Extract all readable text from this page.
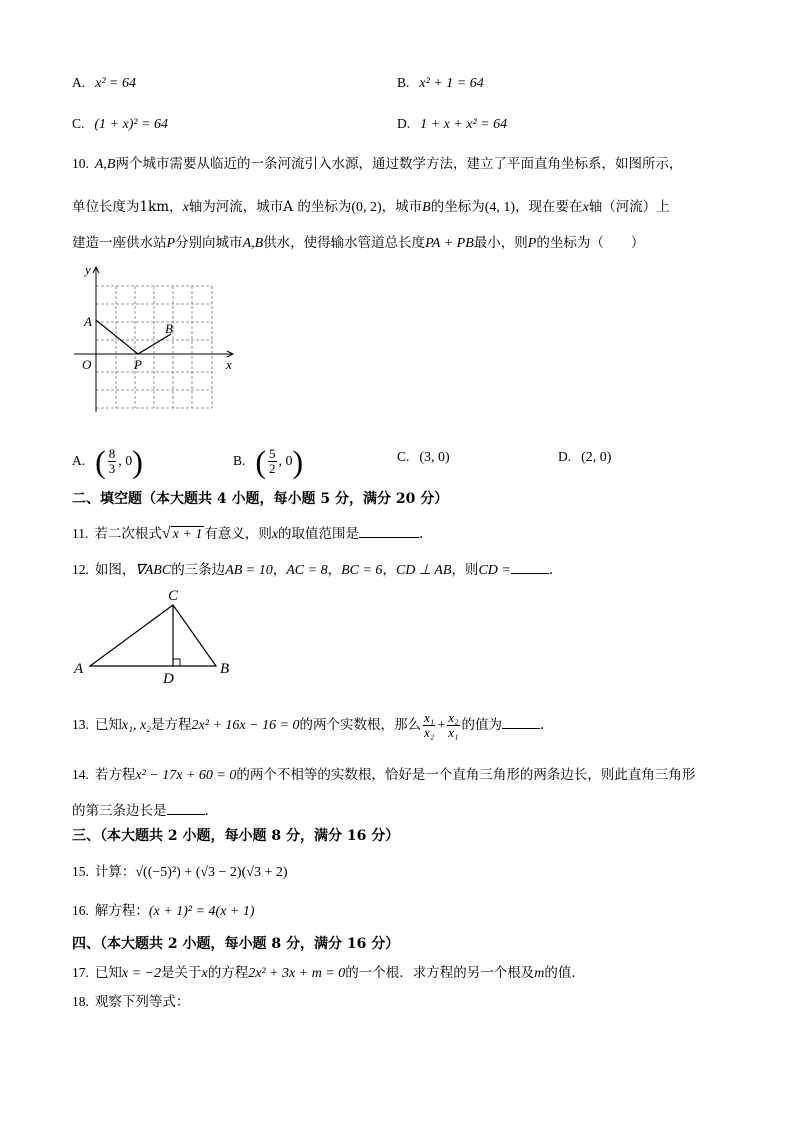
A. x² = 64	B. x² + 1 = 64
C. (1 + x)² = 64	D. 1 + x + x² = 64
10. A,B两个城市需要从临近的一条河流引入水源，通过数学方法，建立了平面直角坐标系，如图所示，
单位长度为1km，x轴为河流，城市A 的坐标为(0, 2)，城市B的坐标为(4, 1)，现在要在x轴（河流）上
建造一座供水站P分别向城市A,B供水，使得输水管道总长度PA + PB最小，则P的坐标为（　　）
y
x
O
A	B
P
A. ( $\frac{8}{3}$ , 0)	B. ( $\frac{5}{2}$ , 0)	C. (3, 0)	D. (2, 0)
二、填空题（本大题共 4 小题，每小题 5 分，满分 20 分）
11. 若二次根式√ x + 1 有意义，则x的取值范围是	.
12. 如图，∇ABC的三条边AB = 10，AC = 8，BC = 6，CD ⊥ AB，则CD =	.
C
A	B
D
13. 已知x₁, x₂是方程2x² + 16x − 16 = 0的两个实数根，那么 $\frac{\text{x₁}}{\text{x₂}} + \frac{\text{x₂}}{\text{x₁}}$ 的值为	.
14. 若方程x² − 17x + 60 = 0的两个不相等的实数根，恰好是一个直角三角形的两条边长，则此直角三角形
的第三条边长是	.
三、（本大题共 2 小题，每小题 8 分，满分 16 分）
15. 计算：√((−5)²) + (√3 − 2)(√3 + 2)
16. 解方程：(x + 1)² = 4(x + 1)
四、（本大题共 2 小题，每小题 8 分，满分 16 分）
17. 已知x = −2是关于x的方程2x² + 3x + m = 0的一个根．求方程的另一个根及m的值．
18. 观察下列等式：
